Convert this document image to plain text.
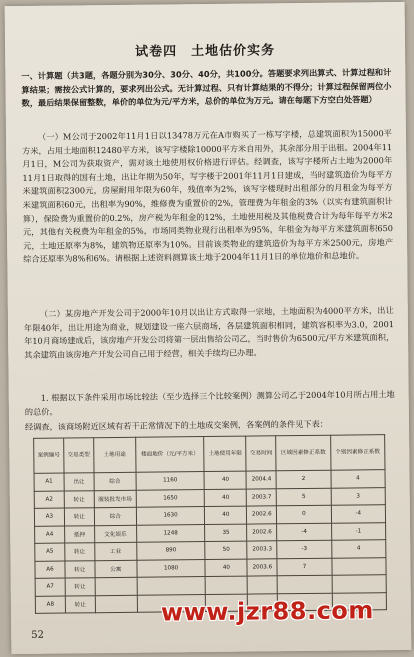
试卷四　土地估价实务
一、计算题（共3题，各题分别为30分、30分、40分，共100分。答题要求列出算式、计算过程和计算结果；需按公式计算的，要求列出公式。无计算过程、只有计算结果的不得分；计算过程保留两位小数，最后结果保留整数，单价的单位为元/平方米，总价的单位为万元。请在每题下方空白处答题）
（一）M公司于2002年11月1日以13478万元在A市购买了一栋写字楼，总建筑面积为15000平方米，占用土地面积12480平方米，该写字楼除10000平方米自用外，其余部分用于出租。2004年11月1日，M公司为获取资产，需对该土地使用权价格进行评估。经调查，该写字楼所占土地为2000年11月1日取得的国有土地，出让年期为50年，写字楼于2001年11月1日建成，当时建筑造价为每平方米建筑面积2300元，房屋耐用年限为60年，残值率为2%，该写字楼现时出租部分的月租金为每平方米建筑面积60元，出租率为90%，维修费为重置价的2%，管理费为年租金的3%（以实有建筑面积计算），保险费为重置价的0.2%，房产税为年租金的12%，土地使用税及其他税费合计为每年每平方米2元，其他有关税费为年租金的5%，市场同类物业现行出租率为95%，年租金为每平方米建筑面积650元，土地还原率为8%，建筑物还原率为10%。目前该类物业的建筑造价为每平方米2500元，房地产综合还原率为8%和6%。请根据上述资料测算该土地于2004年11月1日的单位地价和总地价。
（二）某房地产开发公司于2000年10月以出让方式取得一宗地，土地面积为4000平方米，出让年限40年，出让用途为商业，规划建设一座六层商场，各层建筑面积相同，建筑容积率为3.0，2001年10月商场建成后，该房地产开发公司将第一层出售给公司乙，当时售价为6500元/平方米建筑面积，其余建筑由该房地产开发公司自己用于经营，相关手续均已办理。
1. 根据以下条件采用市场比较法（至少选择三个比较案例）测算公司乙于2004年10月所占用土地的总价。
经调查，该商场附近区域有若干正常情况下的土地成交案例，各案例的条件见下表：
案例编号	交易类型	土地用途	楼面地价（元/平方米）	土地使用年限	交易时间	区域因素修正系数	个别因素修正系数
A1	出让	综合	1160	40	2004.4	2	4
A2	转让	服装批发市场	1650	40	2003.7	5	3
A3	转让	综合	1630	40	2002.6	0	-4
A4	抵押	文化娱乐	1248	35	2002.6	-4	-1
A5	转让	工业	890	50	2003.3	-3	4
A6	转让	公寓	1080	40	2003.6	7	
A7	转让						
A8	转让						
52
www.jzr88.com
